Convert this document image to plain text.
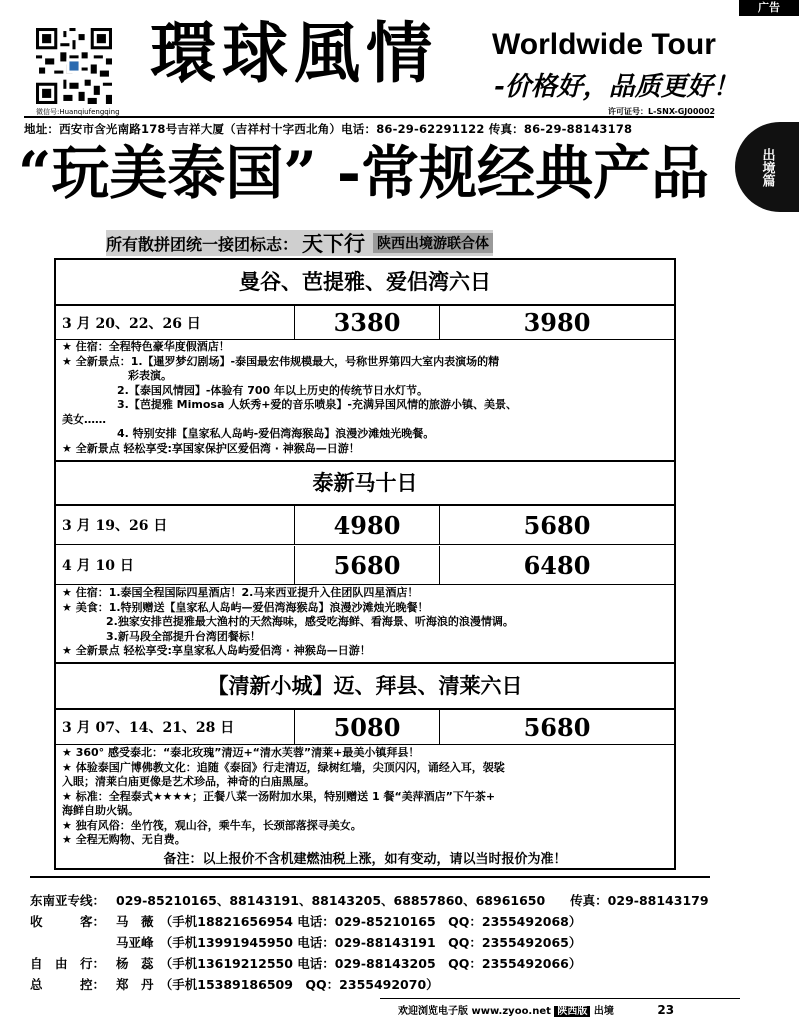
广告
出境篇
微信号:Huanqiufengqing
環球風情 Worldwide Tour
-价格好，品质更好！
许可证号：L-SNX-GJ00002
地址：西安市含光南路178号吉祥大厦（吉祥村十字西北角）电话：86-29-62291122 传真：86-29-88143178
“玩美泰国” -常规经典产品
所有散拼团统一接团标志： 天下行 陕西出境游联合体
曼谷、芭提雅、爱侣湾六日
3 月 20、22、26 日	3380	3980

★ 住宿：全程特色豪华度假酒店！

★ 全新景点：1.【暹罗梦幻剧场】-泰国最宏伟规模最大，号称世界第四大室内表演场的精

　　　　　　彩表演。

　　　　　2.【泰国风情园】-体验有 700 年以上历史的传统节日水灯节。

　　　　　3.【芭提雅 Mimosa 人妖秀+爱的音乐喷泉】-充满异国风情的旅游小镇、美景、

美女……

　　　　　4. 特别安排【皇家私人岛屿-爱侣湾海猴岛】浪漫沙滩烛光晚餐。

★ 全新景点 轻松享受:享国家保护区爱侣湾 · 神猴岛—日游！

泰新马十日
3 月 19、26 日	4980	5680
4 月 10 日	5680	6480

★ 住宿：1.泰国全程国际四星酒店！2.马来西亚提升入住团队四星酒店！

★ 美食：1.特别赠送【皇家私人岛屿—爱侣湾海猴岛】浪漫沙滩烛光晚餐！

　　　　2.独家安排芭提雅最大渔村的天然海味，感受吃海鲜、看海景、听海浪的浪漫情调。

　　　　3.新马段全部提升台湾团餐标！

★ 全新景点 轻松享受:享皇家私人岛屿爱侣湾 · 神猴岛—日游！

【清新小城】迈、拜县、清莱六日
3 月 07、14、21、28 日	5080	5680

★ 360° 感受泰北：“泰北玫瑰”清迈+“清水芙蓉”清莱+最美小镇拜县！

★ 体验泰国广博佛教文化：追随《泰囧》行走清迈，绿树红墙，尖顶闪闪，诵经入耳，袈裟

入眼；清莱白庙更像是艺术珍品，神奇的白庙黑屋。

★ 标准：全程泰式★★★★；正餐八菜一汤附加水果，特别赠送 1 餐“美萍酒店”下午茶+

海鲜自助火锅。

★ 独有风俗：坐竹筏，观山谷，乘牛车，长颈部落探寻美女。

★ 全程无购物、无自费。

备注：以上报价不含机建燃油税上涨，如有变动，请以当时报价为准！
东南亚专线： 029-85210165、88143191、88143205、68857860、68961650　　传真：029-88143179
收　　　客： 马　薇　（手机18821656954 电话：029-85210165　QQ：2355492068）
马亚峰　（手机13991945950 电话：029-88143191　QQ：2355492065）
自　由　行： 杨　蕊　（手机13619212550 电话：029-88143205　QQ：2355492066）
总　　　控： 郑　丹　（手机15389186509　QQ：2355492070）
欢迎浏览电子版 www.zyoo.net 陕西版 出境	23
